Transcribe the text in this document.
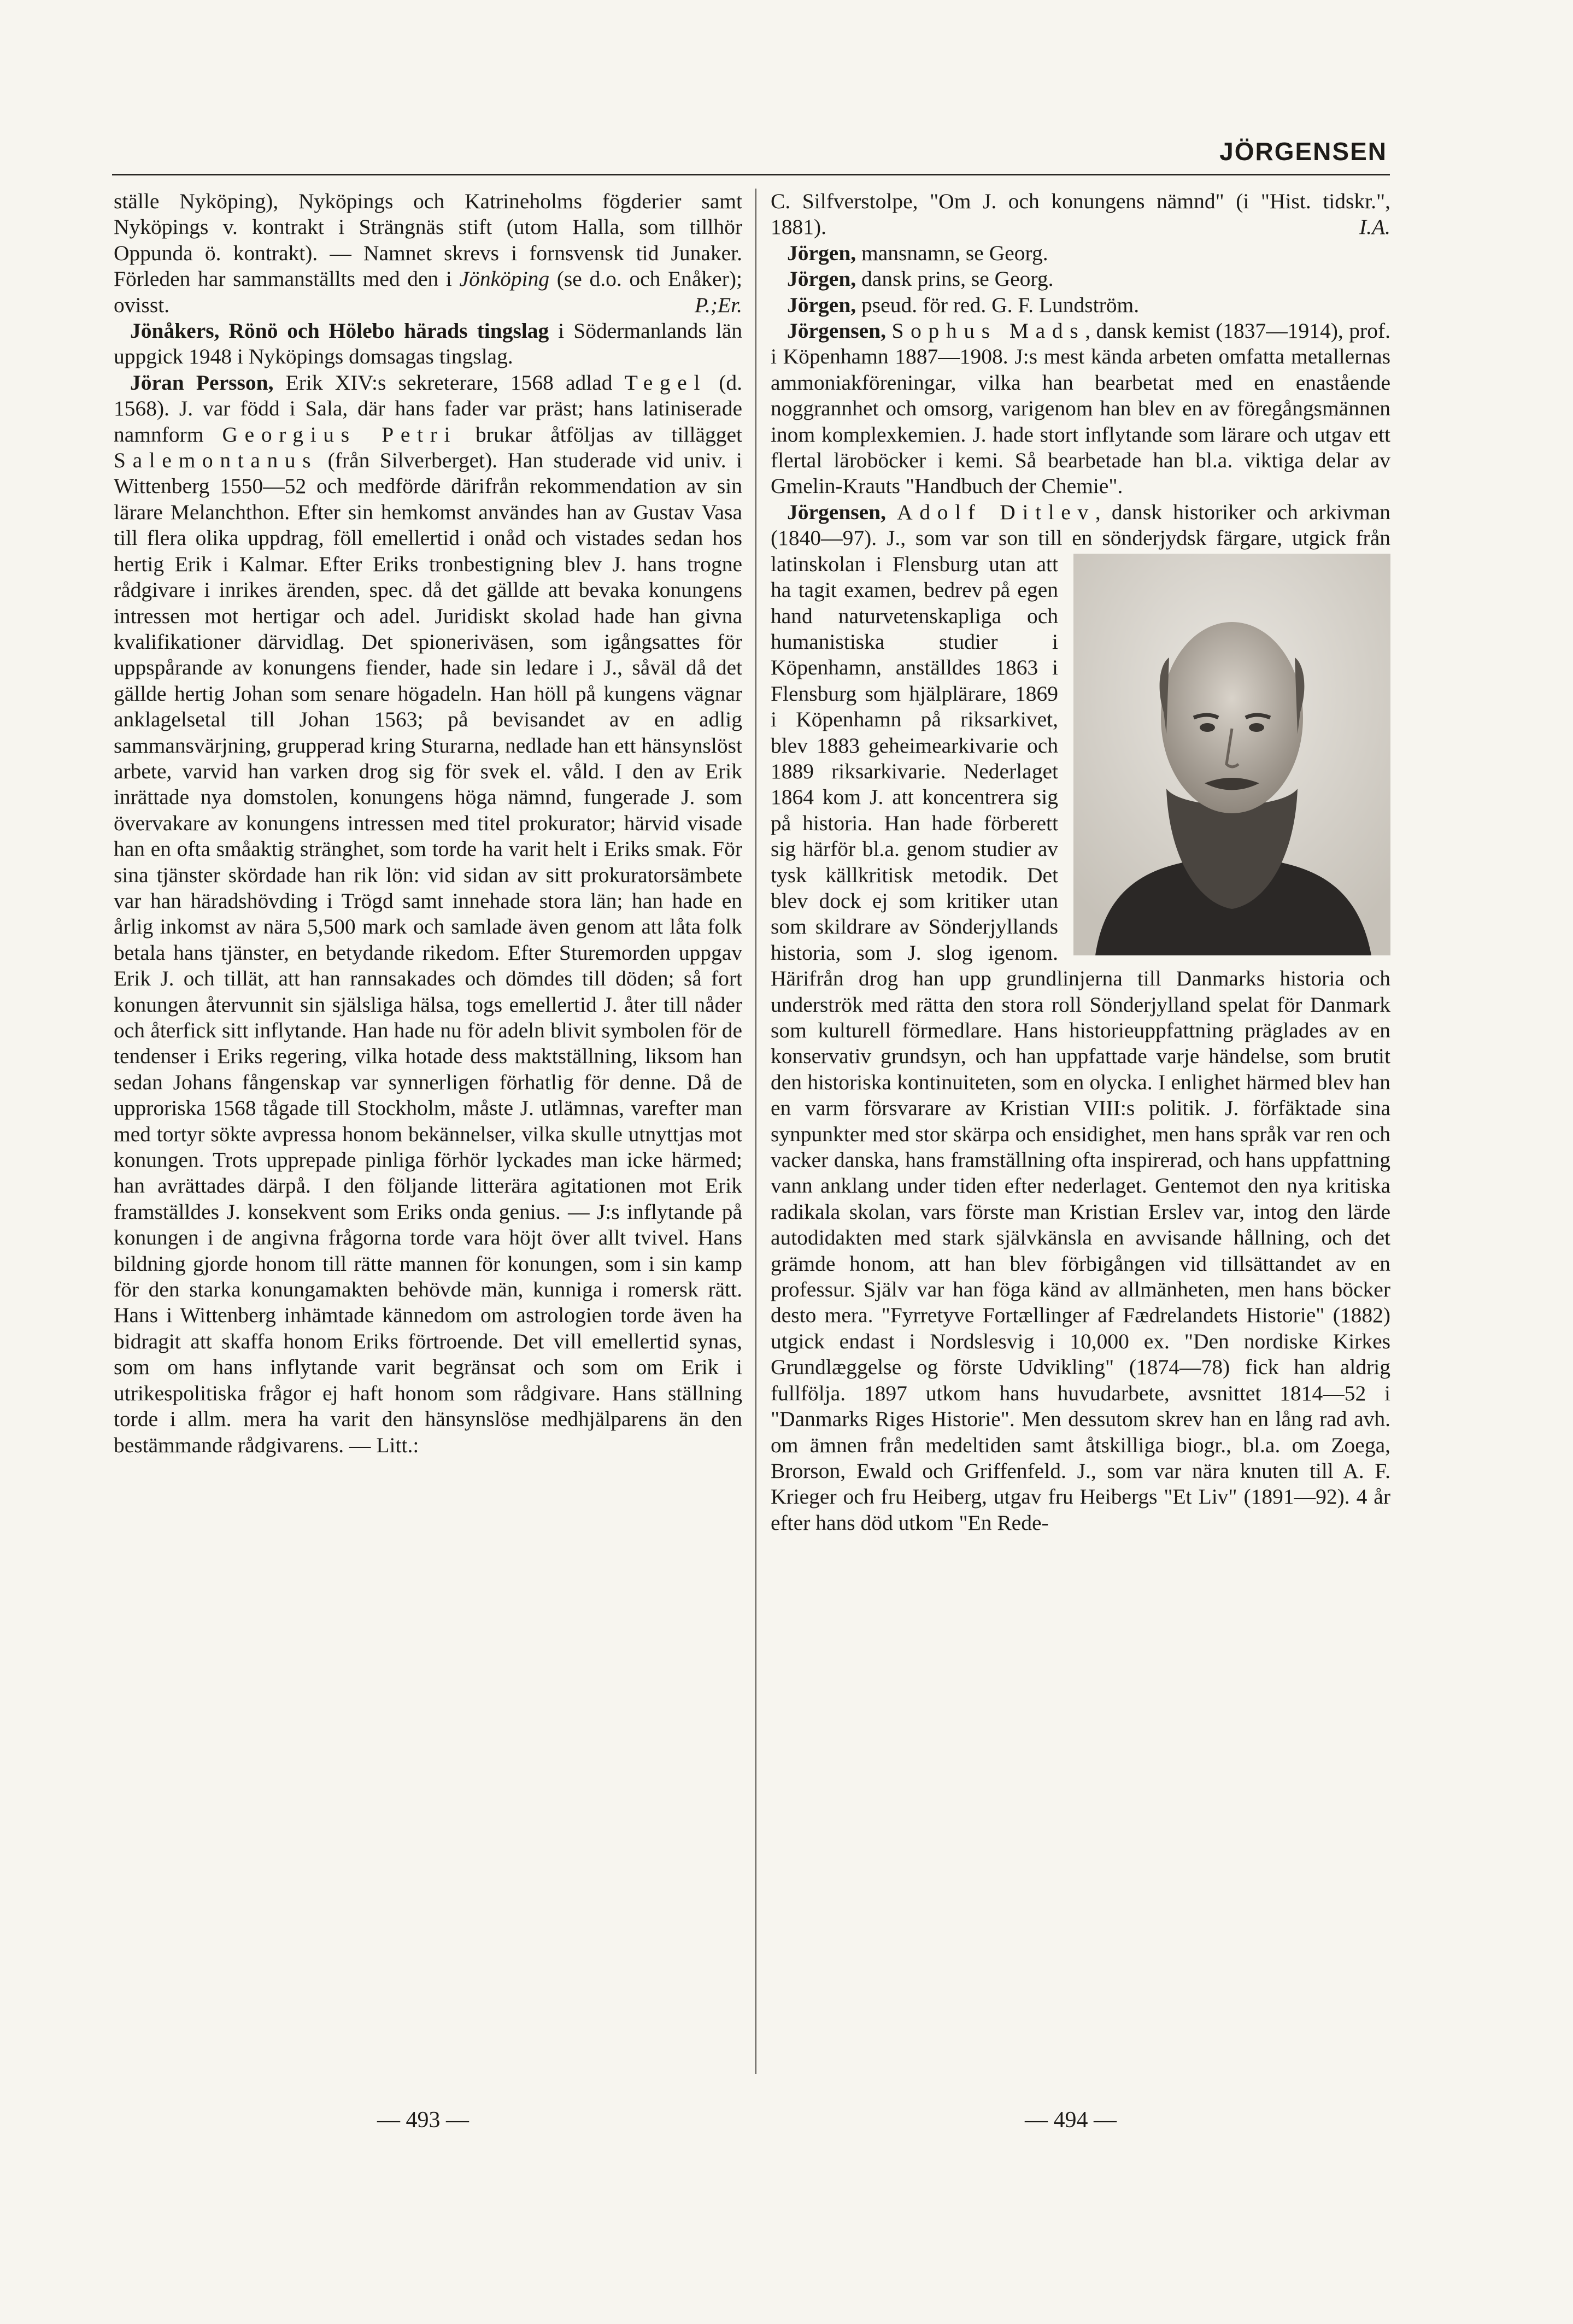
JÖRGENSEN

ställe Nyköping), Nyköpings och Katrineholms fögderier samt Nyköpings v. kontrakt i Strängnäs stift (utom Halla, som tillhör Oppunda ö. kontrakt). — Namnet skrevs i fornsvensk tid Junaker. Förleden har sammanställts med den i Jönköping (se d.o. och Enåker); ovisst.	P.;Er.

Jönåkers, Rönö och Hölebo härads tingslag i Södermanlands län uppgick 1948 i Nyköpings domsagas tingslag.

Jöran Persson, Erik XIV:s sekreterare, 1568 adlad Tegel (d. 1568). J. var född i Sala, där hans fader var präst; hans latiniserade namnform Georgius Petri brukar åtföljas av tillägget Salemontanus (från Silverberget). Han studerade vid univ. i Wittenberg 1550—52 och medförde därifrån rekommendation av sin lärare Melanchthon. Efter sin hemkomst användes han av Gustav Vasa till flera olika uppdrag, föll emellertid i onåd och vistades sedan hos hertig Erik i Kalmar. Efter Eriks tronbestigning blev J. hans trogne rådgivare i inrikes ärenden, spec. då det gällde att bevaka konungens intressen mot hertigar och adel. Juridiskt skolad hade han givna kvalifikationer därvidlag. Det spioneriväsen, som igångsattes för uppspårande av konungens fiender, hade sin ledare i J., såväl då det gällde hertig Johan som senare högadeln. Han höll på kungens vägnar anklagelsetal till Johan 1563; på bevisandet av en adlig sammansvärjning, grupperad kring Sturarna, nedlade han ett hänsynslöst arbete, varvid han varken drog sig för svek el. våld. I den av Erik inrättade nya domstolen, konungens höga nämnd, fungerade J. som övervakare av konungens intressen med titel prokurator; härvid visade han en ofta småaktig stränghet, som torde ha varit helt i Eriks smak. För sina tjänster skördade han rik lön: vid sidan av sitt prokuratorsämbete var han häradshövding i Trögd samt innehade stora län; han hade en årlig inkomst av nära 5,500 mark och samlade även genom att låta folk betala hans tjänster, en betydande rikedom. Efter Sturemorden uppgav Erik J. och tillät, att han rannsakades och dömdes till döden; så fort konungen återvunnit sin själsliga hälsa, togs emellertid J. åter till nåder och återfick sitt inflytande. Han hade nu för adeln blivit symbolen för de tendenser i Eriks regering, vilka hotade dess maktställning, liksom han sedan Johans fångenskap var synnerligen förhatlig för denne. Då de upproriska 1568 tågade till Stockholm, måste J. utlämnas, varefter man med tortyr sökte avpressa honom bekännelser, vilka skulle utnyttjas mot konungen. Trots upprepade pinliga förhör lyckades man icke härmed; han avrättades därpå. I den följande litterära agitationen mot Erik framställdes J. konsekvent som Eriks onda genius. — J:s inflytande på konungen i de angivna frågorna torde vara höjt över allt tvivel. Hans bildning gjorde honom till rätte mannen för konungen, som i sin kamp för den starka konungamakten behövde män, kunniga i romersk rätt. Hans i Wittenberg inhämtade kännedom om astrologien torde även ha bidragit att skaffa honom Eriks förtroende. Det vill emellertid synas, som om hans inflytande varit begränsat och som om Erik i utrikespolitiska frågor ej haft honom som rådgivare. Hans ställning torde i allm. mera ha varit den hänsynslöse medhjälparens än den bestämmande rådgivarens. — Litt.:

C. Silfverstolpe, "Om J. och konungens nämnd" (i "Hist. tidskr.", 1881).	I.A.

Jörgen, mansnamn, se Georg.

Jörgen, dansk prins, se Georg.

Jörgen, pseud. för red. G. F. Lundström.

Jörgensen, Sophus Mads, dansk kemist (1837—1914), prof. i Köpenhamn 1887—1908. J:s mest kända arbeten omfatta metallernas ammoniakföreningar, vilka han bearbetat med en enastående noggrannhet och omsorg, varigenom han blev en av föregångsmännen inom komplexkemien. J. hade stort inflytande som lärare och utgav ett flertal läroböcker i kemi. Så bearbetade han bl.a. viktiga delar av Gmelin-Krauts "Handbuch der Chemie".

Jörgensen, Adolf Ditlev, dansk historiker och arkivman (1840—97). J., som var son till en sönderjydsk färgare, utgick från latinskolan i
Flensburg utan att ha tagit examen, bedrev på egen hand naturvetenskapliga och humanistiska studier i Köpenhamn, anställdes 1863 i Flensburg som hjälplärare, 1869 i Köpenhamn på riksarkivet, blev 1883 geheimearkivarie och 1889 riksarkivarie. Nederlaget 1864 kom J. att koncentrera sig på historia. Han hade förberett sig härför bl.a. genom studier av tysk källkritisk metodik. Det blev dock ej som kritiker utan som skildrare av Sönderjyllands historia, som J. slog igenom. Härifrån drog han upp grundlinjerna till Danmarks historia och underströk med rätta den stora roll Sönderjylland spelat för Danmark som kulturell förmedlare. Hans historieuppfattning präglades av en konservativ grundsyn, och han uppfattade varje händelse, som brutit den historiska kontinuiteten, som en olycka. I enlighet härmed blev han en varm försvarare av Kristian VIII:s politik. J. förfäktade sina synpunkter med stor skärpa och ensidighet, men hans språk var ren och vacker danska, hans framställning ofta inspirerad, och hans uppfattning vann anklang under tiden efter nederlaget. Gentemot den nya kritiska radikala skolan, vars förste man Kristian Erslev var, intog den lärde autodidakten med stark självkänsla en avvisande hållning, och det grämde honom, att han blev förbigången vid tillsättandet av en professur. Själv var han föga känd av allmänheten, men hans böcker desto mera. "Fyrretyve Fortællinger af Fædrelandets Historie" (1882) utgick endast i Nordslesvig i 10,000 ex. "Den nordiske Kirkes Grundlæggelse og förste Udvikling" (1874—78) fick han aldrig fullfölja. 1897 utkom hans huvudarbete, avsnittet 1814—52 i "Danmarks Riges Historie". Men dessutom skrev han en lång rad avh. om ämnen från medeltiden samt åtskilliga biogr., bl.a. om Zoega, Brorson, Ewald och Griffenfeld. J., som var nära knuten till A. F. Krieger och fru Heiberg, utgav fru Heibergs "Et Liv" (1891—92). 4 år efter hans död utkom "En Rede-

— 493 —	— 494 —
